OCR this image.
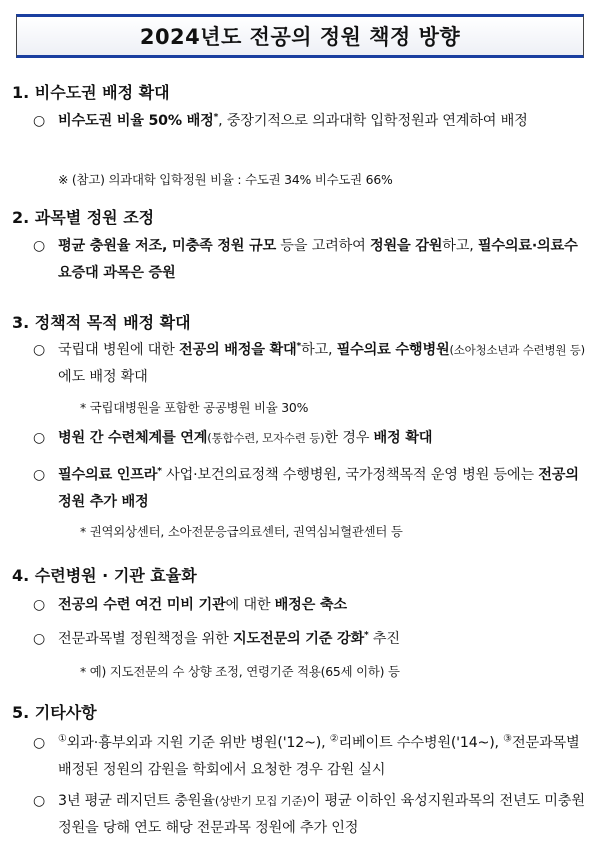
2024년도 전공의 정원 책정 방향
1. 비수도권 배정 확대
○ 비수도권 비율 50% 배정*, 중장기적으로 의과대학 입학정원과 연계하여 배정
※ (참고) 의과대학 입학정원 비율 : 수도권 34% 비수도권 66%
2. 과목별 정원 조정
○ 평균 충원율 저조, 미충족 정원 규모 등을 고려하여 정원을 감원하고, 필수의료·의료수요증대 과목은 증원
3. 정책적 목적 배정 확대
○ 국립대 병원에 대한 전공의 배정을 확대*하고, 필수의료 수행병원(소아청소년과 수련병원 등)에도 배정 확대
* 국립대병원을 포함한 공공병원 비율 30%
○ 병원 간 수련체계를 연계(통합수련, 모자수련 등)한 경우 배정 확대
○ 필수의료 인프라* 사업·보건의료정책 수행병원, 국가정책목적 운영 병원 등에는 전공의 정원 추가 배정
* 권역외상센터, 소아전문응급의료센터, 권역심뇌혈관센터 등
4. 수련병원 · 기관 효율화
○ 전공의 수련 여건 미비 기관에 대한 배정은 축소
○ 전문과목별 정원책정을 위한 지도전문의 기준 강화* 추진
* 예) 지도전문의 수 상향 조정, 연령기준 적용(65세 이하) 등
5. 기타사항
○	①외과·흉부외과 지원 기준 위반 병원('12~), ②리베이트 수수병원('14~), ③전문과목별 배정된 정원의 감원을 학회에서 요청한 경우 감원 실시
○ 3년 평균 레지던트 충원율(상반기 모집 기준)이 평균 이하인 육성지원과목의 전년도 미충원 정원을 당해 연도 해당 전문과목 정원에 추가 인정
